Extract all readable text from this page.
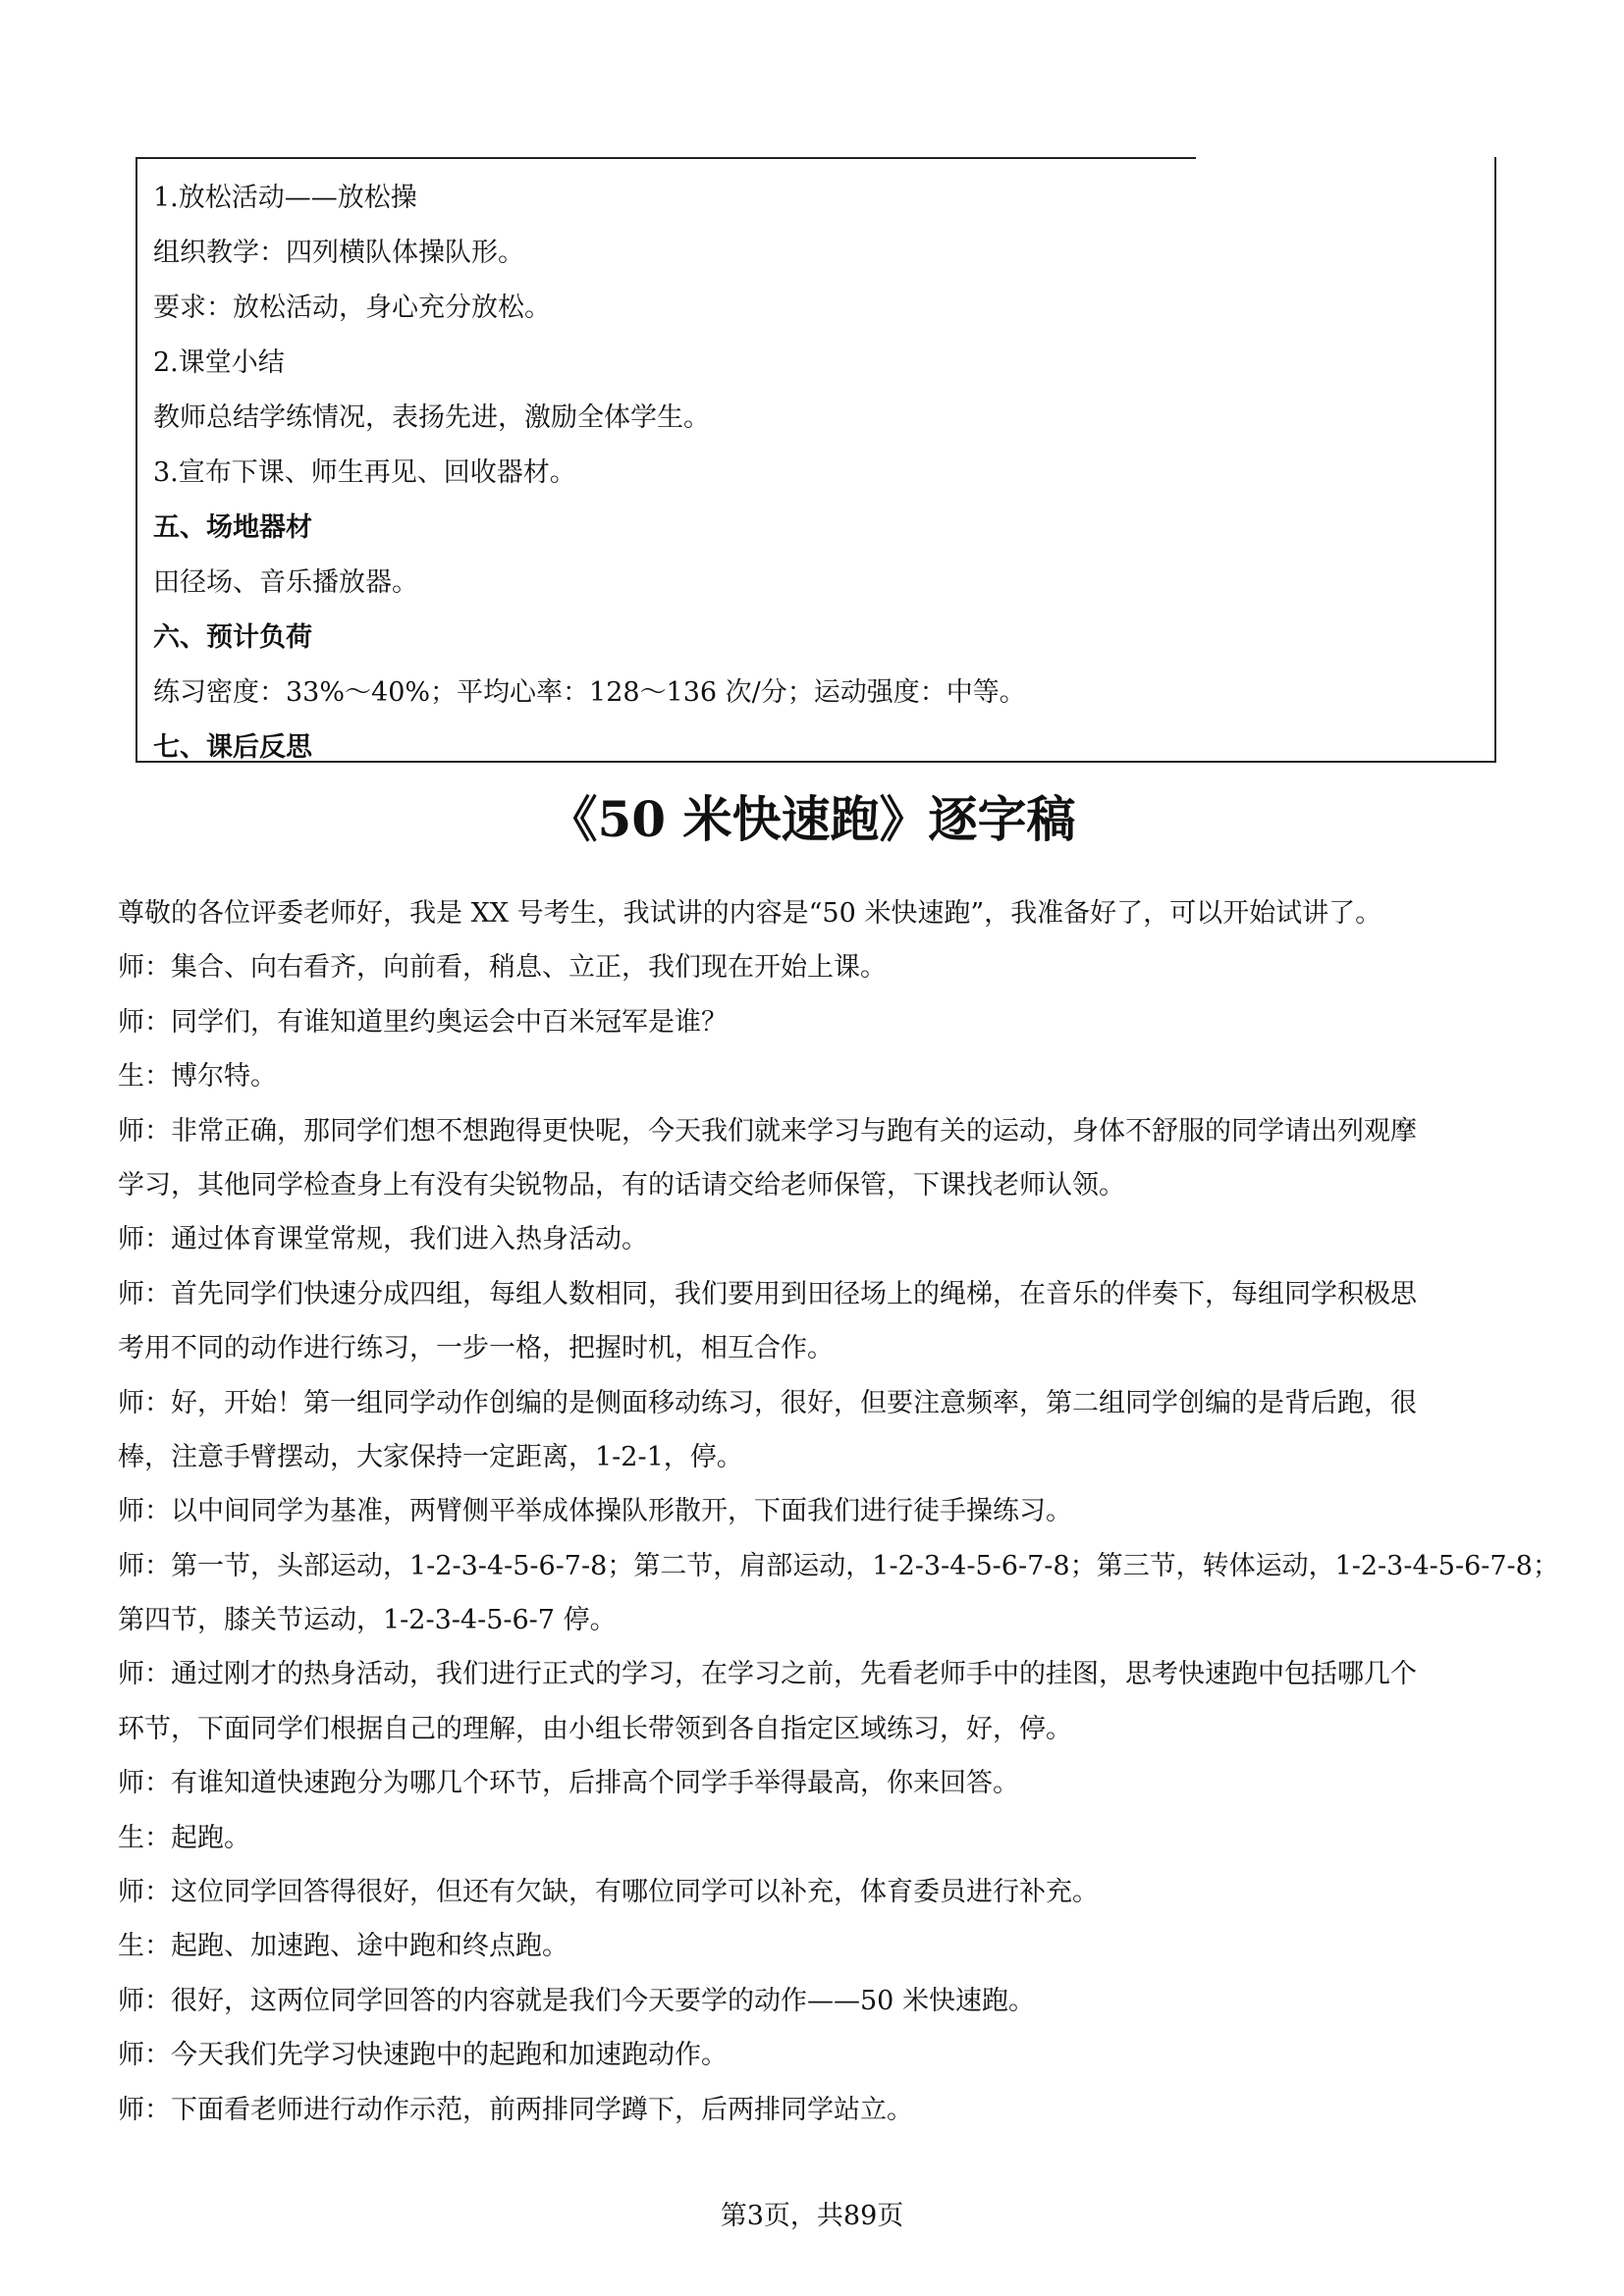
1.放松活动——放松操
组织教学：四列横队体操队形。
要求：放松活动，身心充分放松。
2.课堂小结
教师总结学练情况，表扬先进，激励全体学生。
3.宣布下课、师生再见、回收器材。
五、场地器材
田径场、音乐播放器。
六、预计负荷
练习密度：33%～40%；平均心率：128～136 次/分；运动强度：中等。
七、课后反思
《50 米快速跑》逐字稿
尊敬的各位评委老师好，我是 XX 号考生，我试讲的内容是“50 米快速跑”，我准备好了，可以开始试讲了。
师：集合、向右看齐，向前看，稍息、立正，我们现在开始上课。
师：同学们，有谁知道里约奥运会中百米冠军是谁？
生：博尔特。
师：非常正确，那同学们想不想跑得更快呢，今天我们就来学习与跑有关的运动，身体不舒服的同学请出列观摩
学习，其他同学检查身上有没有尖锐物品，有的话请交给老师保管，下课找老师认领。
师：通过体育课堂常规，我们进入热身活动。
师：首先同学们快速分成四组，每组人数相同，我们要用到田径场上的绳梯，在音乐的伴奏下，每组同学积极思
考用不同的动作进行练习，一步一格，把握时机，相互合作。
师：好，开始！第一组同学动作创编的是侧面移动练习，很好，但要注意频率，第二组同学创编的是背后跑，很
棒，注意手臂摆动，大家保持一定距离，1-2-1，停。
师：以中间同学为基准，两臂侧平举成体操队形散开，下面我们进行徒手操练习。
师：第一节，头部运动，1-2-3-4-5-6-7-8；第二节，肩部运动，1-2-3-4-5-6-7-8；第三节，转体运动，1-2-3-4-5-6-7-8；
第四节，膝关节运动，1-2-3-4-5-6-7 停。
师：通过刚才的热身活动，我们进行正式的学习，在学习之前，先看老师手中的挂图，思考快速跑中包括哪几个
环节，下面同学们根据自己的理解，由小组长带领到各自指定区域练习，好，停。
师：有谁知道快速跑分为哪几个环节，后排高个同学手举得最高，你来回答。
生：起跑。
师：这位同学回答得很好，但还有欠缺，有哪位同学可以补充，体育委员进行补充。
生：起跑、加速跑、途中跑和终点跑。
师：很好，这两位同学回答的内容就是我们今天要学的动作——50 米快速跑。
师：今天我们先学习快速跑中的起跑和加速跑动作。
师：下面看老师进行动作示范，前两排同学蹲下，后两排同学站立。
第3页，共89页
